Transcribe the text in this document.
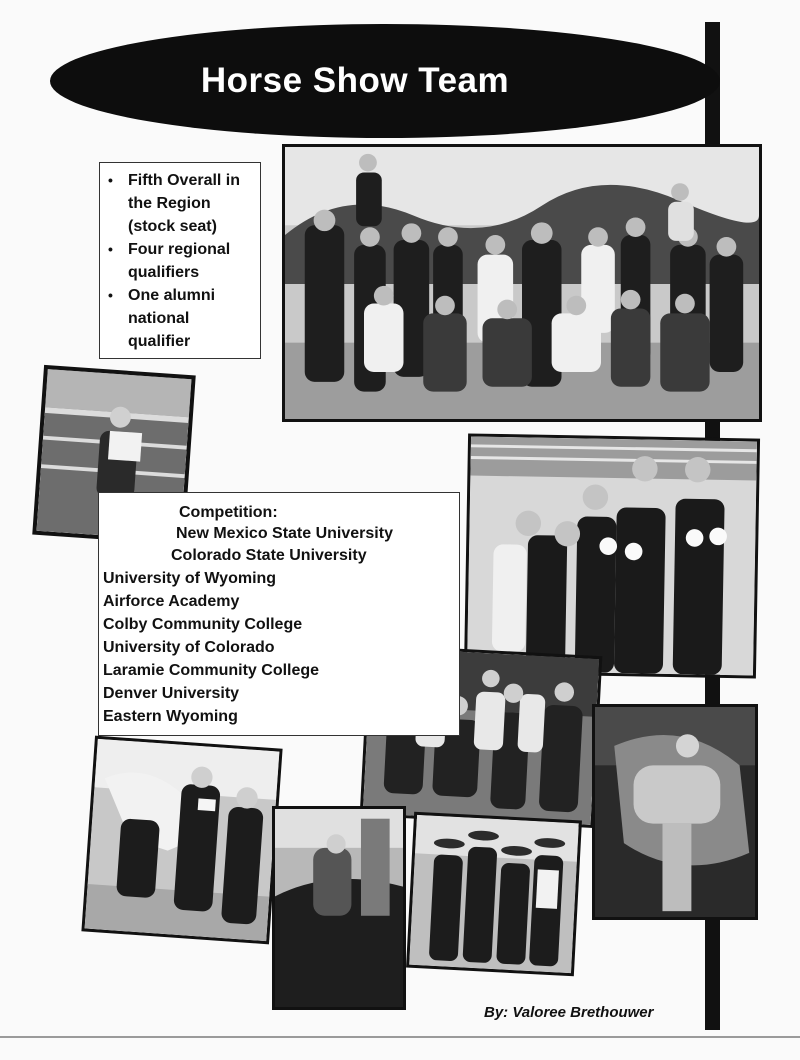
Horse Show Team
• Fifth Overall in the Region (stock seat)
• Four regional qualifiers
• One alumni national qualifier
Competition:
New Mexico State University
Colorado State University
University of Wyoming
Airforce Academy
Colby Community College
University of Colorado
Laramie Community College
Denver University
Eastern Wyoming
By: Valoree Brethouwer
